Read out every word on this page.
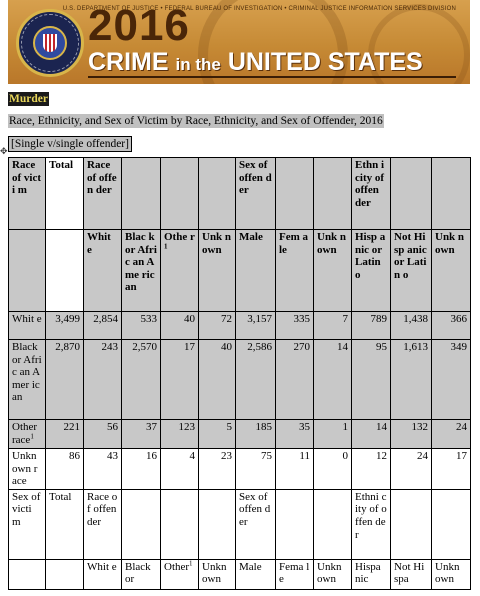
U.S. DEPARTMENT OF JUSTICE • FEDERAL BUREAU OF INVESTIGATION • CRIMINAL JUSTICE INFORMATION SERVICES DIVISION
2016
CRIME in the UNITED STATES
Murder
Race, Ethnicity, and Sex of Victim by Race, Ethnicity, and Sex of Offender, 2016
[Single v/single offender]
✥
Race of victi m	Total	Race of offen der				Sex of offen der			Ethn icity of offen der		
		Whit e	Blac k or Afric an Ame rican	Othe $r^1$	Unk nown	Male	Fem ale	Unk nown	Hisp anic or Latin o	Not Hisp anic or Latin o	Unk nown
Whit e	3,499	2,854	533	40	72	3,157	335	7	789	1,438	366
Black or Afric an Amer ican	2,870	243	2,570	17	40	2,586	270	14	95	1,613	349
Other race$^1$	221	56	37	123	5	185	35	1	14	132	24
Unkn own race	86	43	16	4	23	75	11	0	12	24	17
Sex of victi m	Total	Race of offen der				Sex of offen der			Ethni city of offen der		
		Whit e	Black or	Other$^1$	Unkn own	Male	Fema le	Unkn own	Hispa nic	Not Hispa	Unkn own
